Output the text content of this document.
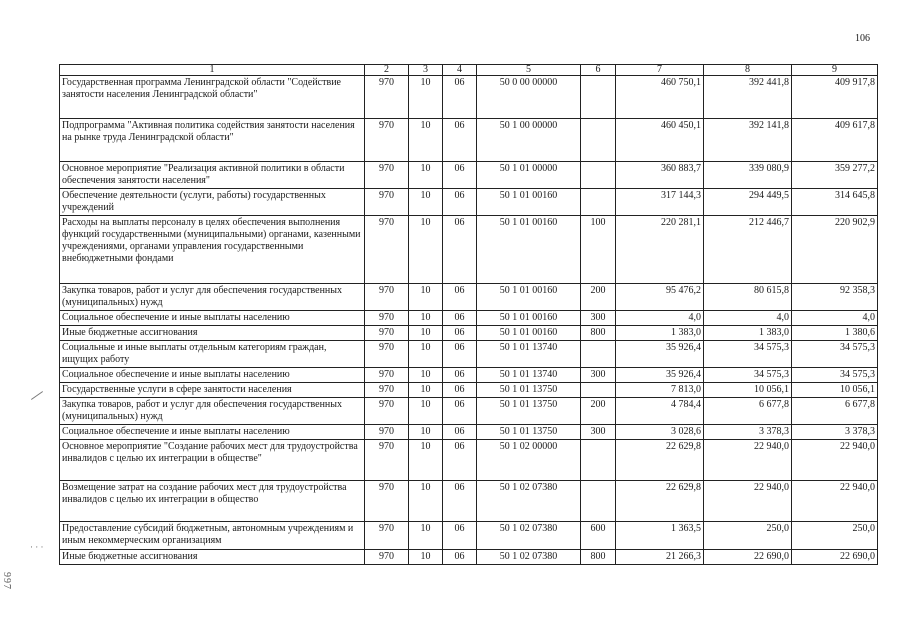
106
· · ·
997
1	2	3	4	5	6	7	8	9
Государственная программа Ленинградской области "Содействие занятости населения Ленинградской области"	970	10	06	50 0 00 00000		460 750,1	392 441,8	409 917,8
Подпрограмма "Активная политика содействия занятости населения на рынке труда Ленинградской области"	970	10	06	50 1 00 00000		460 450,1	392 141,8	409 617,8
Основное мероприятие "Реализация активной политики в области обеспечения занятости населения"	970	10	06	50 1 01 00000		360 883,7	339 080,9	359 277,2
Обеспечение деятельности (услуги, работы) государственных учреждений	970	10	06	50 1 01 00160		317 144,3	294 449,5	314 645,8
Расходы на выплаты персоналу в целях обеспечения выполнения функций государственными (муниципальными) органами, казенными учреждениями, органами управления государственными внебюджетными фондами	970	10	06	50 1 01 00160	100	220 281,1	212 446,7	220 902,9
Закупка товаров, работ и услуг для обеспечения государственных (муниципальных) нужд	970	10	06	50 1 01 00160	200	95 476,2	80 615,8	92 358,3
Социальное обеспечение и иные выплаты населению	970	10	06	50 1 01 00160	300	4,0	4,0	4,0
Иные бюджетные ассигнования	970	10	06	50 1 01 00160	800	1 383,0	1 383,0	1 380,6
Социальные и иные выплаты отдельным категориям граждан, ищущих работу	970	10	06	50 1 01 13740		35 926,4	34 575,3	34 575,3
Социальное обеспечение и иные выплаты населению	970	10	06	50 1 01 13740	300	35 926,4	34 575,3	34 575,3
Государственные услуги в сфере занятости населения	970	10	06	50 1 01 13750		7 813,0	10 056,1	10 056,1
Закупка товаров, работ и услуг для обеспечения государственных (муниципальных) нужд	970	10	06	50 1 01 13750	200	4 784,4	6 677,8	6 677,8
Социальное обеспечение и иные выплаты населению	970	10	06	50 1 01 13750	300	3 028,6	3 378,3	3 378,3
Основное мероприятие "Создание рабочих мест для трудоустройства инвалидов с целью их интеграции в обществе"	970	10	06	50 1 02 00000		22 629,8	22 940,0	22 940,0
Возмещение затрат на создание рабочих мест для трудоустройства инвалидов с целью их интеграции в общество	970	10	06	50 1 02 07380		22 629,8	22 940,0	22 940,0
Предоставление субсидий бюджетным, автономным учреждениям и иным некоммерческим организациям	970	10	06	50 1 02 07380	600	1 363,5	250,0	250,0
Иные бюджетные ассигнования	970	10	06	50 1 02 07380	800	21 266,3	22 690,0	22 690,0
